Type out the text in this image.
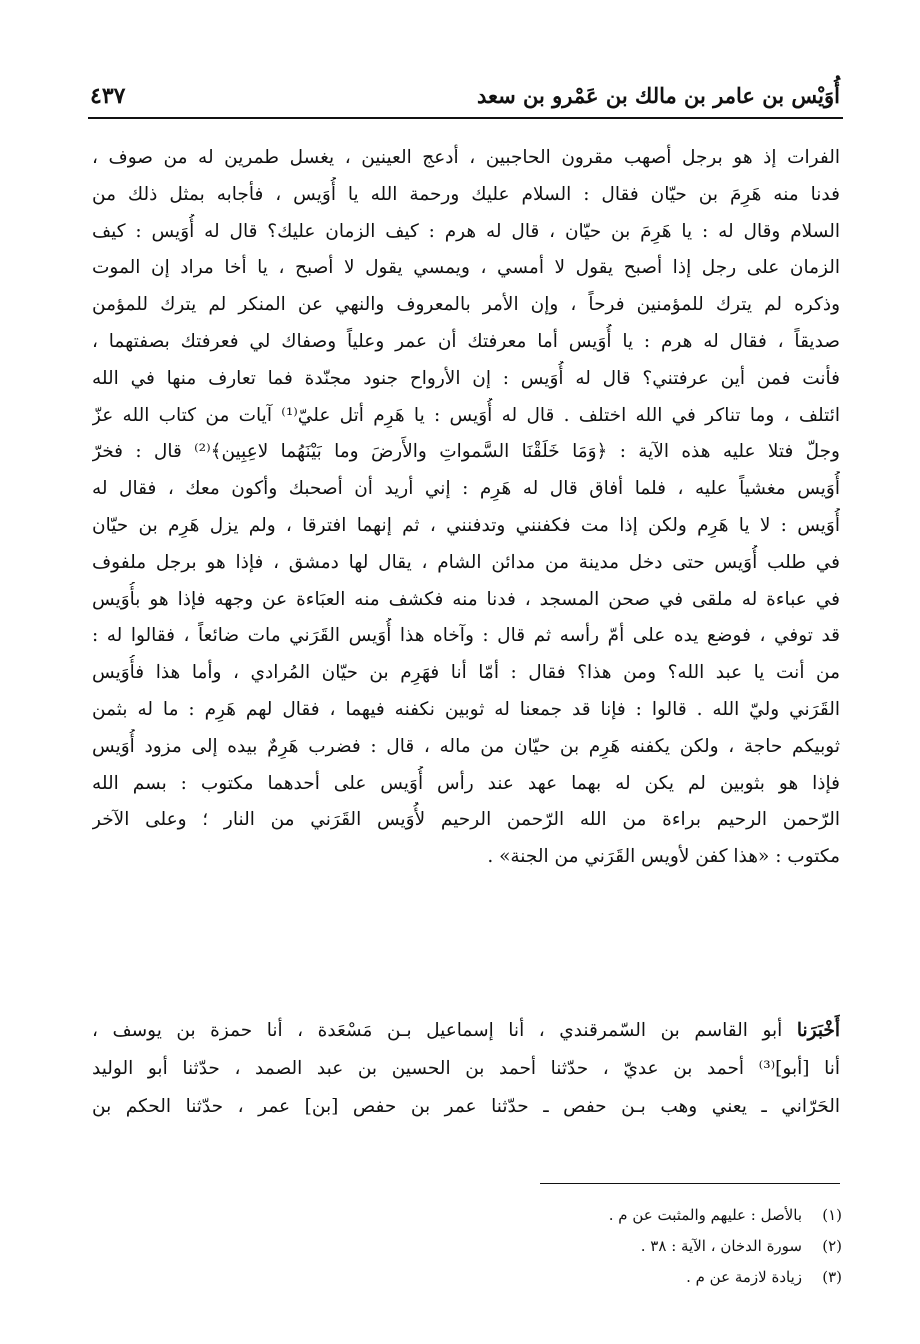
أُوَيْس بن عامر بن مالك بن عَمْرو بن سعد
٤٣٧
الفرات إذ هو برجل أصهب مقرون الحاجبين ، أدعج العينين ، يغسل طمرين له من صوف ،
فدنا منه هَرِمَ بن حيّان فقال : السلام عليك ورحمة الله يا أُوَيس ، فأجابه بمثل ذلك من
السلام وقال له : يا هَرِمَ بن حيّان ، قال له هرم : كيف الزمان عليك؟ قال له أُوَيس : كيف
الزمان على رجل إذا أصبح يقول لا أمسي ، ويمسي يقول لا أصبح ، يا أخا مراد إن الموت
وذكره لم يترك للمؤمنين فرحاً ، وإن الأمر بالمعروف والنهي عن المنكر لم يترك للمؤمن
صديقاً ، فقال له هرم : يا أُوَيس أما معرفتك أن عمر وعلياً وصفاك لي فعرفتك بصفتهما ،
فأنت فمن أين عرفتني؟ قال له أُوَيس : إن الأرواح جنود مجنّدة فما تعارف منها في الله
ائتلف ، وما تناكر في الله اختلف . قال له أُوَيس : يا هَرِم أتل عليّ⁽¹⁾ آيات من كتاب الله عزّ
وجلّ فتلا عليه هذه الآية : ﴿وَمَا خَلَقْنَا السَّمواتِ والأَرضَ وما بَيْنَهُما لاعِبِين﴾⁽²⁾ قال : فخرّ
أُوَيس مغشياً عليه ، فلما أفاق قال له هَرِم : إني أريد أن أصحبك وأكون معك ، فقال له
أُوَيس : لا يا هَرِم ولكن إذا مت فكفنني وتدفنني ، ثم إنهما افترقا ، ولم يزل هَرِم بن حيّان
في طلب أُوَيس حتى دخل مدينة من مدائن الشام ، يقال لها دمشق ، فإذا هو برجل ملفوف
في عباءة له ملقى في صحن المسجد ، فدنا منه فكشف منه العبَاءة عن وجهه فإذا هو بأُوَيس
قد توفي ، فوضع يده على أمّ رأسه ثم قال : وآخاه هذا أُوَيس القَرَني مات ضائعاً ، فقالوا له :
من أنت يا عبد الله؟ ومن هذا؟ فقال : أمّا أنا فهَرِم بن حيّان المُرادي ، وأما هذا فأُوَيس
القَرَني وليّ الله . قالوا : فإنا قد جمعنا له ثوبين نكفنه فيهما ، فقال لهم هَرِم : ما له بثمن
ثوبيكم حاجة ، ولكن يكفنه هَرِم بن حيّان من ماله ، قال : فضرب هَرِمٌ بيده إلى مزود أُوَيس
فإذا هو بثوبين لم يكن له بهما عهد عند رأس أُوَيس على أحدهما مكتوب : بسم الله
الرّحمن الرحيم براءة من الله الرّحمن الرحيم لأُوَيس القَرَني من النار ؛ وعلى الآخر
مكتوب : «هذا كفن لأويس القَرَني من الجنة» .
أَخْبَرَنا أبو القاسم بن السّمرقندي ، أنا إسماعيل بـن مَسْعَدة ، أنا حمزة بن يوسف ،
أنا [أبو]⁽³⁾ أحمد بن عديّ ، حدّثنا أحمد بن الحسين بن عبد الصمد ، حدّثنا أبو الوليد
الحَرّاني ـ يعني وهب بـن حفص ـ حدّثنا عمر بن حفص [بن] عمر ، حدّثنا الحكم بن
(١)بالأصل : عليهم والمثبت عن م .
(٢)سورة الدخان ، الآية : ٣٨ .
(٣)زيادة لازمة عن م .
